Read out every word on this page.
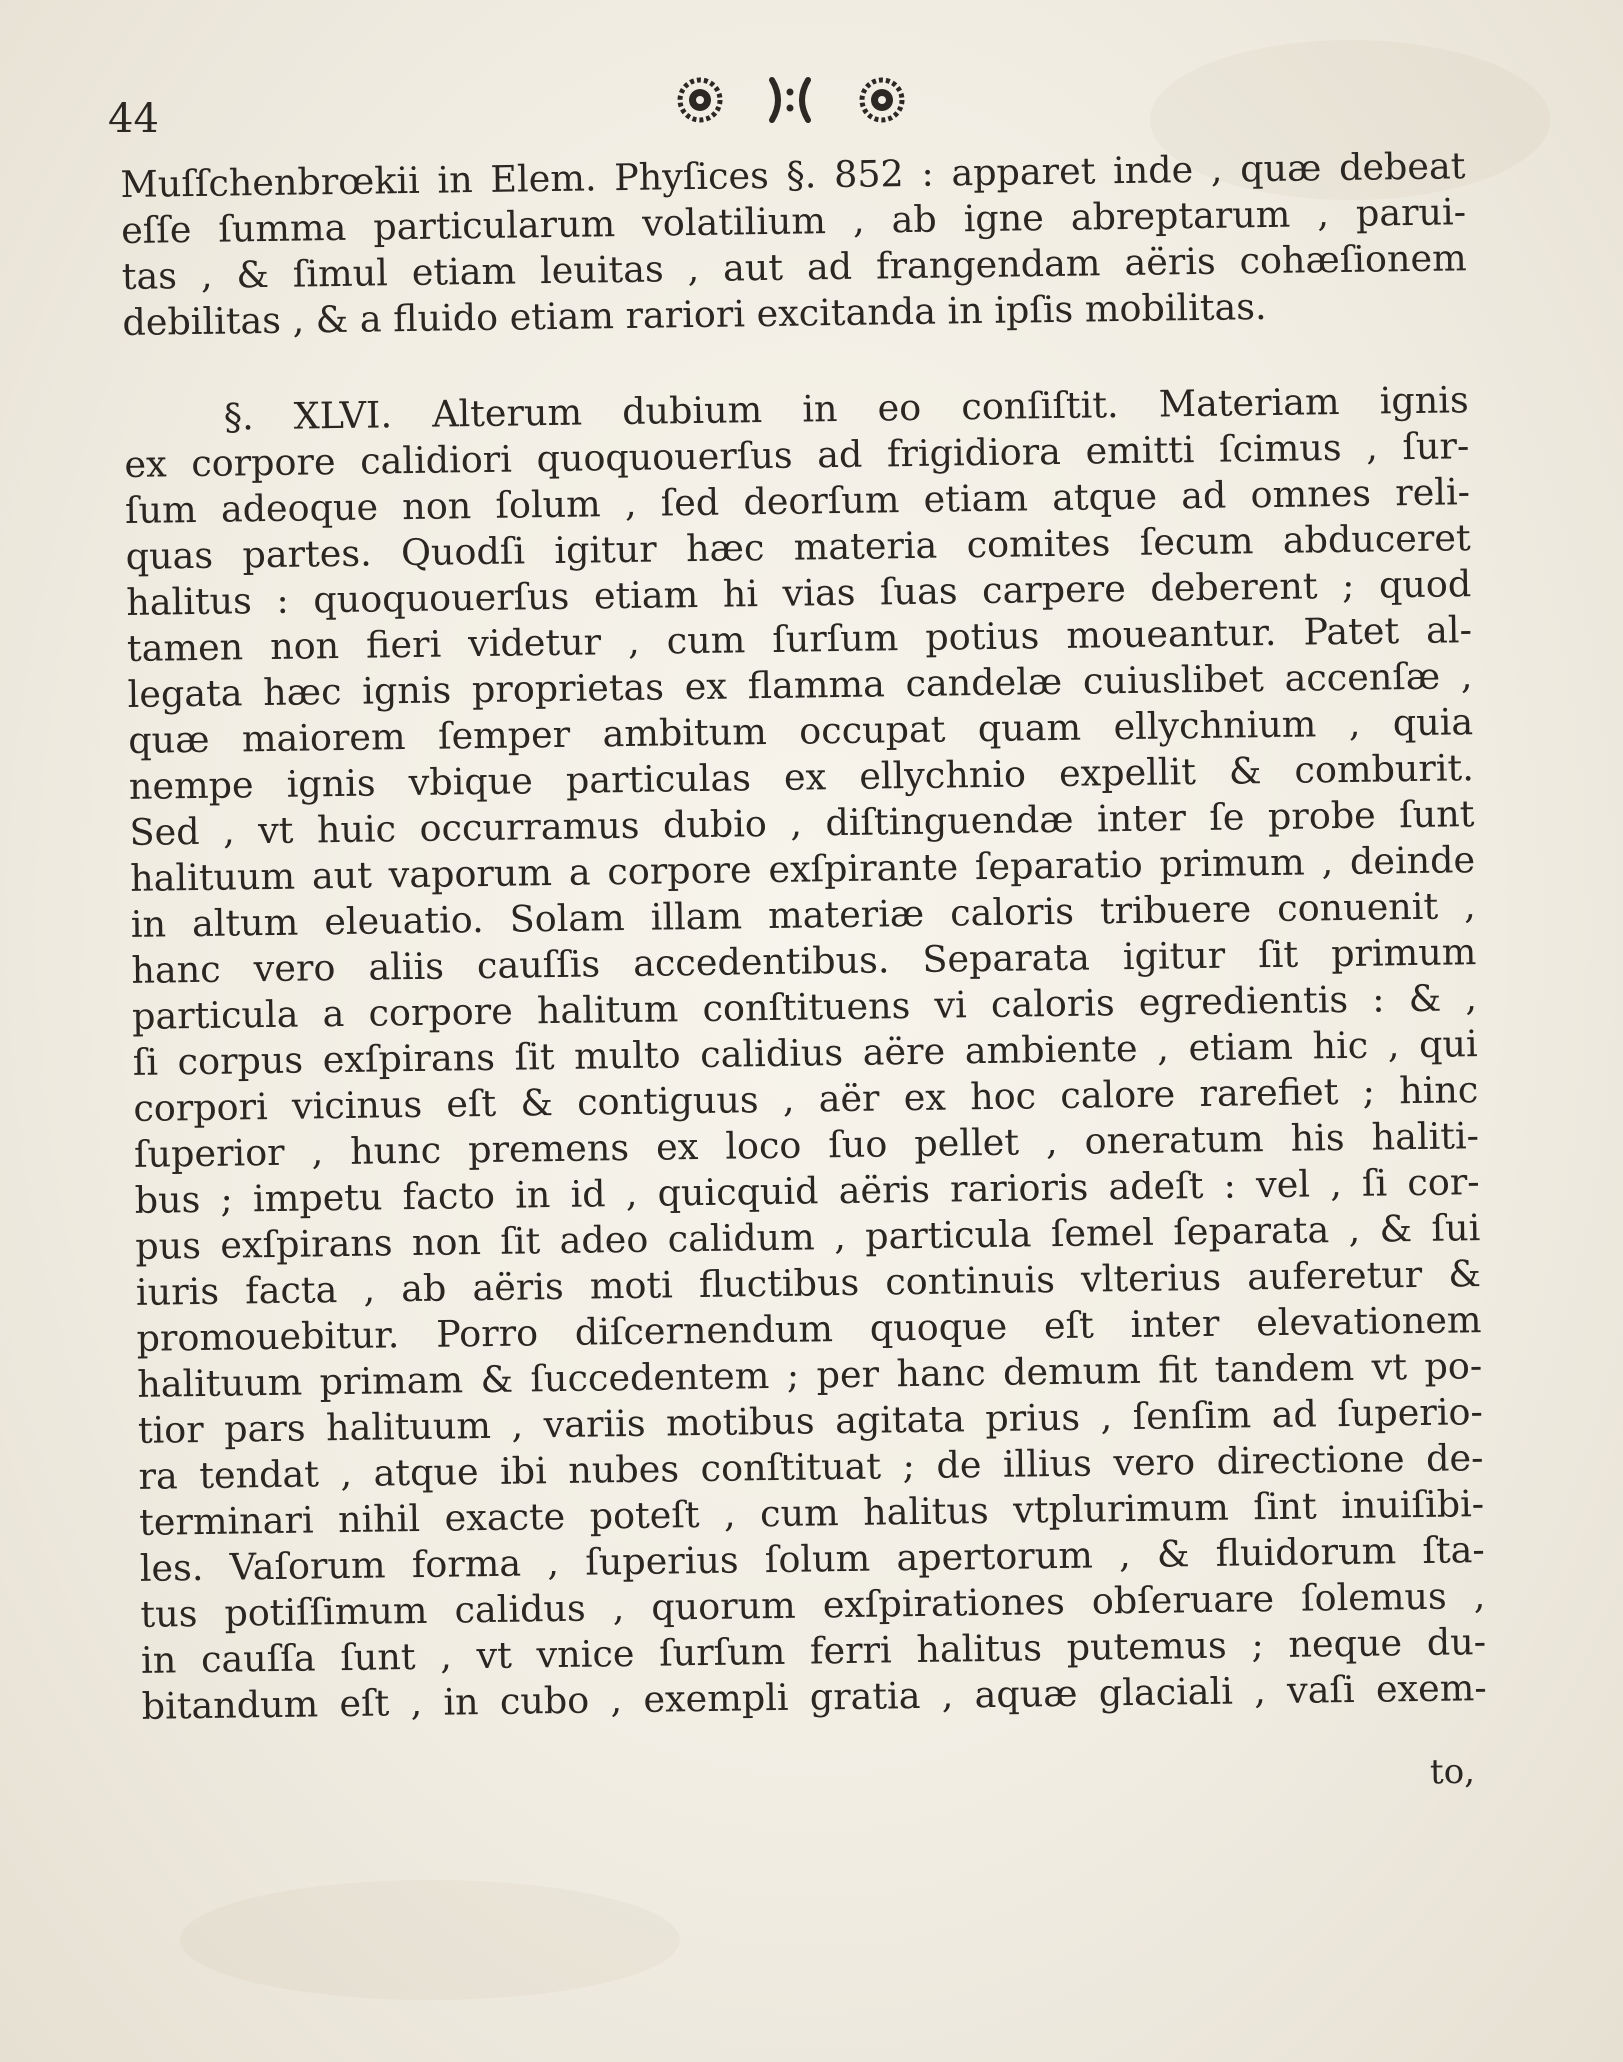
44
Muſſchenbrœkii in Elem. Phyſices §. 852 : apparet inde , quæ debeat
eſſe ſumma particularum volatilium , ab igne abreptarum , parui-
tas , & ſimul etiam leuitas , aut ad frangendam aëris cohæſionem
debilitas , & a fluido etiam rariori excitanda in ipſis mobilitas.
§. XLVI. Alterum dubium in eo conſiſtit. Materiam ignis
ex corpore calidiori quoquouerſus ad frigidiora emitti ſcimus , ſur-
ſum adeoque non ſolum , ſed deorſum etiam atque ad omnes reli-
quas partes. Quodſi igitur hæc materia comites ſecum abduceret
halitus : quoquouerſus etiam hi vias ſuas carpere deberent ; quod
tamen non fieri videtur , cum ſurſum potius moueantur. Patet al-
legata hæc ignis proprietas ex flamma candelæ cuiuslibet accenſæ ,
quæ maiorem ſemper ambitum occupat quam ellychnium , quia
nempe ignis vbique particulas ex ellychnio expellit & comburit.
Sed , vt huic occurramus dubio , diſtinguendæ inter ſe probe ſunt
halituum aut vaporum a corpore exſpirante ſeparatio primum , deinde
in altum eleuatio. Solam illam materiæ caloris tribuere conuenit ,
hanc vero aliis cauſſis accedentibus. Separata igitur ſit primum
particula a corpore halitum conſtituens vi caloris egredientis : & ,
ſi corpus exſpirans ſit multo calidius aëre ambiente , etiam hic , qui
corpori vicinus eſt & contiguus , aër ex hoc calore rarefiet ; hinc
ſuperior , hunc premens ex loco ſuo pellet , oneratum his haliti-
bus ; impetu facto in id , quicquid aëris rarioris adeſt : vel , ſi cor-
pus exſpirans non ſit adeo calidum , particula ſemel ſeparata , & ſui
iuris facta , ab aëris moti fluctibus continuis vlterius auferetur &
promouebitur. Porro diſcernendum quoque eſt inter elevationem
halituum primam & ſuccedentem ; per hanc demum fit tandem vt po-
tior pars halituum , variis motibus agitata prius , ſenſim ad ſuperio-
ra tendat , atque ibi nubes conſtituat ; de illius vero directione de-
terminari nihil exacte poteſt , cum halitus vtplurimum ſint inuiſibi-
les. Vaſorum forma , ſuperius ſolum apertorum , & fluidorum ſta-
tus potiſſimum calidus , quorum exſpirationes obſeruare ſolemus ,
in cauſſa ſunt , vt vnice ſurſum ferri halitus putemus ; neque du-
bitandum eſt , in cubo , exempli gratia , aquæ glaciali , vaſi exem-
to,
